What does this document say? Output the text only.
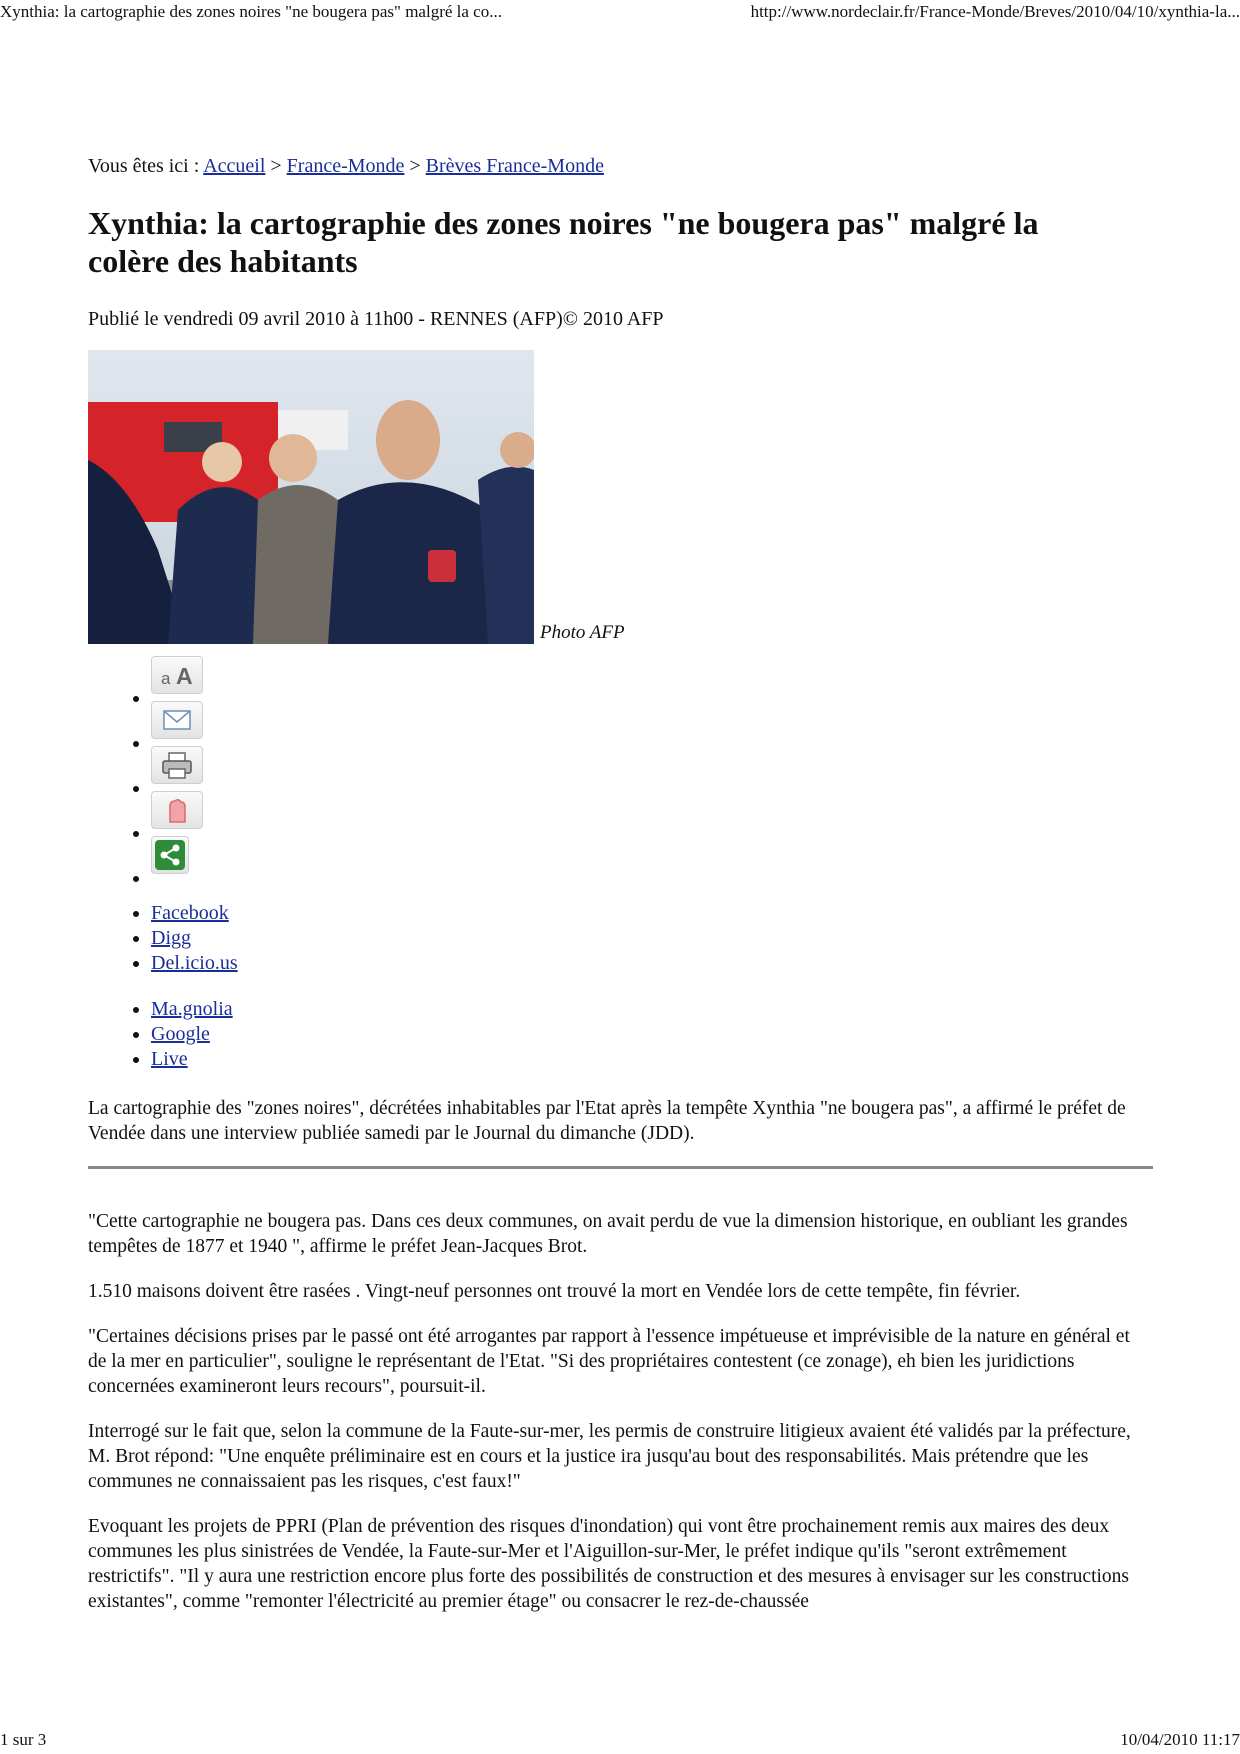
Xynthia: la cartographie des zones noires "ne bougera pas" malgré la co...	http://www.nordeclair.fr/France-Monde/Breves/2010/04/10/xynthia-la...
Vous êtes ici : Accueil > France-Monde > Brèves France-Monde
Xynthia: la cartographie des zones noires "ne bougera pas" malgré la colère des habitants
Publié le vendredi 09 avril 2010 à 11h00 - RENNES (AFP)© 2010 AFP
Photo AFP
• a A
•
•
•
•
• Facebook
• Digg
• Del.icio.us
• Ma.gnolia
• Google
• Live

La cartographie des "zones noires", décrétées inhabitables par l'Etat après la tempête Xynthia "ne bougera pas", a affirmé le préfet de Vendée dans une interview publiée samedi par le Journal du dimanche (JDD).

"Cette cartographie ne bougera pas. Dans ces deux communes, on avait perdu de vue la dimension historique, en oubliant les grandes tempêtes de 1877 et 1940 ", affirme le préfet Jean-Jacques Brot.

1.510 maisons doivent être rasées . Vingt-neuf personnes ont trouvé la mort en Vendée lors de cette tempête, fin février.

"Certaines décisions prises par le passé ont été arrogantes par rapport à l'essence impétueuse et imprévisible de la nature en général et de la mer en particulier", souligne le représentant de l'Etat. "Si des propriétaires contestent (ce zonage), eh bien les juridictions concernées examineront leurs recours", poursuit-il.

Interrogé sur le fait que, selon la commune de la Faute-sur-mer, les permis de construire litigieux avaient été validés par la préfecture, M. Brot répond: "Une enquête préliminaire est en cours et la justice ira jusqu'au bout des responsabilités. Mais prétendre que les communes ne connaissaient pas les risques, c'est faux!"

Evoquant les projets de PPRI (Plan de prévention des risques d'inondation) qui vont être prochainement remis aux maires des deux communes les plus sinistrées de Vendée, la Faute-sur-Mer et l'Aiguillon-sur-Mer, le préfet indique qu'ils "seront extrêmement restrictifs". "Il y aura une restriction encore plus forte des possibilités de construction et des mesures à envisager sur les constructions existantes", comme "remonter l'électricité au premier étage" ou consacrer le rez-de-chaussée

1 sur 3	10/04/2010 11:17
